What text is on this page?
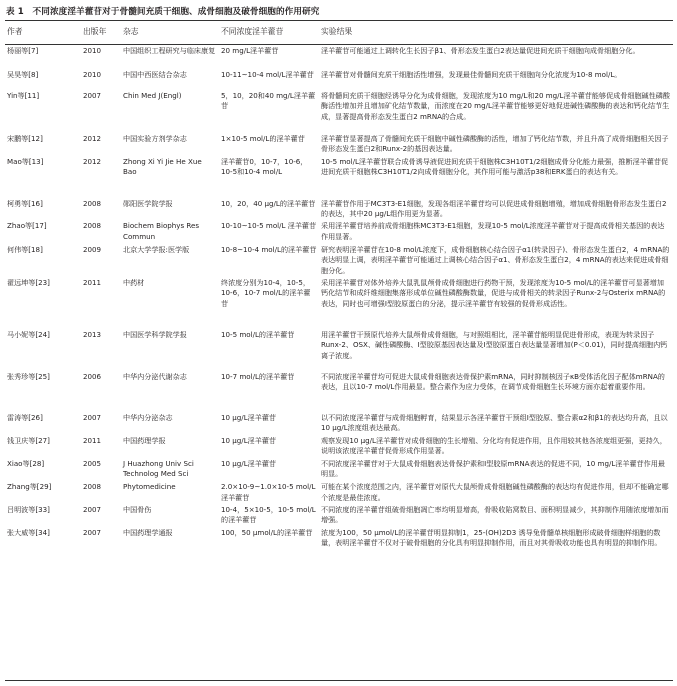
表 1　不同浓度淫羊藿苷对于骨髓间充质干细胞、成骨细胞及破骨细胞的作用研究
作者	出版年	杂志	不同浓度淫羊藿苷	实验结果

杨丽等[7]	2010	中国组织工程研究与临床康复	20 mg/L淫羊藿苷	淫羊藿苷可能通过上调转化生长因子β1、骨形态发生蛋白2表达量促进间充质干细胞向成骨细胞分化。

吴昊等[8]	2010	中国中西医结合杂志	10-11~10-4 mol/L淫羊藿苷	淫羊藿苷对骨髓间充质干细胞活性增强，发现最佳骨髓间充质干细胞向分化浓度为10-8 mol/L。

Yin等[11]	2007	Chin Med J(Engl)	5，10，20和40 mg/L淫羊藿苷	将骨髓间充质干细胞经诱导分化为成骨细胞，发现浓度为10 mg/L和20 mg/L淫羊藿苷能够促成骨细胞碱性磷酸酶活性增加并且增加矿化结节数量，而浓度在20 mg/L淫羊藿苷能够更好地促进碱性磷酸酶的表达和钙化结节生成，显著提高骨形态发生蛋白2 mRNA的合成。

宋鹏等[12]	2012	中国实验方剂学杂志	1×10-5 mol/L的淫羊藿苷	淫羊藿苷显著提高了骨髓间充质干细胞中碱性磷酸酶的活性，增加了钙化结节数，并且升高了成骨细胞相关因子骨形态发生蛋白2和Runx-2的基因表达量。

Mao等[13]	2012	Zhong Xi Yi Jie He Xue Bao	淫羊藿苷0，10-7，10-6，10-5和10-4 mol/L	10-5 mol/L淫羊藿苷联合成骨诱导液促进间充质干细胞株C3H10T1/2细胞成骨分化能力最强，推断淫羊藿苷促进间充质干细胞株C3H10T1/2向成骨细胞分化，其作用可能与激活p38和ERK蛋白的表达有关。

柯勇等[16]	2008	郧阳医学院学报	10，20，40 μg/L的淫羊藿苷	淫羊藿苷作用于MC3T3-E1细胞，发现各组淫羊藿苷均可以促进成骨细胞增殖，增加成骨细胞骨形态发生蛋白2的表达，其中20 μg/L组作用更为显著。

Zhao等[17]	2008	Biochem Biophys Res Commun	10-10~10-5 mol/L 淫羊藿苷	采用淫羊藿苷培养前成骨细胞株MC3T3-E1细胞，发现10-5 mol/L浓度淫羊藿苷对于提高成骨相关基因的表达作用显著。

何伟等[18]	2009	北京大学学报:医学版	10-8~10-4 mol/L的淫羊藿苷	研究表明淫羊藿苷在10-8 mol/L浓度下，成骨细胞核心结合因子α1(转录因子)、骨形态发生蛋白2，4 mRNA的表达明显上调，表明淫羊藿苷可能通过上调核心结合因子α1、骨形态发生蛋白2，4 mRNA的表达来促进成骨细胞分化。

翟远坤等[23]	2011	中药材	终浓度分别为10-4，10-5，10-6，10-7 mol/L的淫羊藿苷	采用淫羊藿苷对体外培养大鼠乳鼠颅骨成骨细胞进行药物干预，发现浓度为10-5 mol/L的淫羊藿苷可显著增加钙化结节和成纤维细胞集落形成单位碱性磷酸酶数量，促进与成骨相关的转录因子Runx-2与Osterix mRNA的表达，同时也可增强Ⅰ型胶原蛋白的分泌，提示淫羊藿苷有较强的促骨形成活性。

马小妮等[24]	2013	中国医学科学院学报	10-5 mol/L的淫羊藿苷	用淫羊藿苷干预原代培养大鼠颅骨成骨细胞，与对照组相比，淫羊藿苷能明显促进骨形成，表现为转录因子Runx-2、OSX、碱性磷酸酶、Ⅰ型胶原基因表达量及Ⅰ型胶原蛋白表达量显著增加(P＜0.01)，同时提高细胞内钙离子浓度。

张秀珍等[25]	2006	中华内分泌代谢杂志	10-7 mol/L的淫羊藿苷	不同浓度淫羊藿苷均可促进大鼠成骨细胞表达骨保护素mRNA，同时抑制核因子κB受体活化因子配体mRNA的表达，且以10-7 mol/L作用最显。整合素作为应力受体，在调节成骨细胞生长环境方面亦起着重要作用。

雷涛等[26]	2007	中华内分泌杂志	10 μg/L淫羊藿苷	以不同浓度淫羊藿苷与成骨细胞孵育，结果显示各淫羊藿苷干预组Ⅰ型胶原、整合素α2和β1的表达均升高，且以10 μg/L浓度组表达最高。

钱卫庆等[27]	2011	中国药理学报	10 μg/L淫羊藿苷	观察发现10 μg/L淫羊藿苷对成骨细胞的生长增殖、分化均有促进作用，且作用较其他各浓度组更强，更持久，说明该浓度淫羊藿苷促骨形成作用显著。

Xiao等[28]	2005	J Huazhong Univ Sci Technolog Med Sci	10 μg/L淫羊藿苷	不同浓度淫羊藿苷对于大鼠成骨细胞表达骨保护素和Ⅰ型胶原mRNA表达的促进不同，10 mg/L淫羊藿苷作用最明显。

Zhang等[29]	2008	Phytomedicine	2.0×10-9~1.0×10-5 mol/L淫羊藿苷	可能在某个浓度范围之内，淫羊藿苷对原代大鼠颅骨成骨细胞碱性磷酸酶的表达均有促进作用，但却不能确定哪个浓度是最佳浓度。

吕明波等[33]	2007	中国骨伤	10-4，5×10-5，10-5 mol/L的淫羊藿苷	不同浓度的淫羊藿苷组破骨细胞凋亡率均明显增高，骨吸收陷窝数目、面积明显减少，其抑制作用随浓度增加而增强。

张大威等[34]	2007	中国药理学通报	100，50 μmol/L的淫羊藿苷	浓度为100，50 μmol/L的淫羊藿苷明显抑制1，25-(OH)2D3 诱导兔骨髓单核细胞形成破骨细胞样细胞的数量，表明淫羊藿苷不仅对于破骨细胞的分化具有明显抑制作用，而且对其骨吸收功能也具有明显的抑制作用。
